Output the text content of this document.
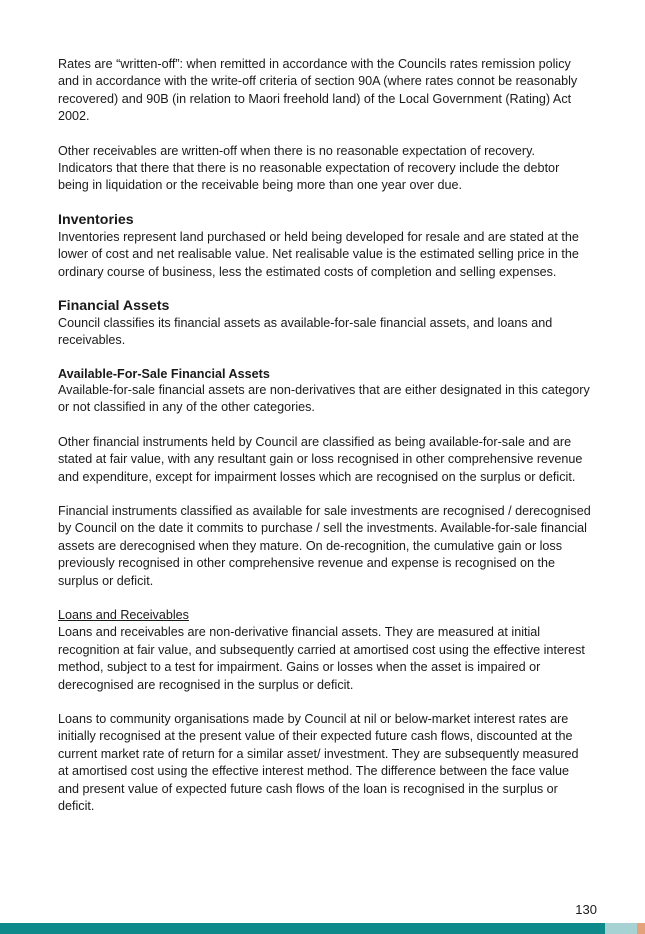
Rates are “written-off”: when remitted in accordance with the Councils rates remission policy and in accordance with the write-off criteria of section 90A (where rates connot be reasonably recovered) and 90B (in relation to Maori freehold land) of the Local Government (Rating) Act 2002.

Other receivables are written-off when there is no reasonable expectation of recovery. Indicators that there that there is no reasonable expectation of recovery include the debtor being in liquidation or the receivable being more than one year over due.

Inventories

Inventories represent land purchased or held being developed for resale and are stated at the lower of cost and net realisable value. Net realisable value is the estimated selling price in the ordinary course of business, less the estimated costs of completion and selling expenses.

Financial Assets

Council classifies its financial assets as available-for-sale financial assets, and loans and receivables.

Available-For-Sale Financial Assets

Available-for-sale financial assets are non-derivatives that are either designated in this category or not classified in any of the other categories.

Other financial instruments held by Council are classified as being available-for-sale and are stated at fair value, with any resultant gain or loss recognised in other comprehensive revenue and expenditure, except for impairment losses which are recognised on the surplus or deficit.

Financial instruments classified as available for sale investments are recognised / derecognised by Council on the date it commits to purchase / sell the investments. Available-for-sale financial assets are derecognised when they mature. On de-recognition, the cumulative gain or loss previously recognised in other comprehensive revenue and expense is recognised on the surplus or deficit.

Loans and Receivables

Loans and receivables are non-derivative financial assets. They are measured at initial recognition at fair value, and subsequently carried at amortised cost using the effective interest method, subject to a test for impairment. Gains or losses when the asset is impaired or derecognised are recognised in the surplus or deficit.

Loans to community organisations made by Council at nil or below-market interest rates are initially recognised at the present value of their expected future cash flows, discounted at the current market rate of return for a similar asset/ investment. They are subsequently measured at amortised cost using the effective interest method. The difference between the face value and present value of expected future cash flows of the loan is recognised in the surplus or deficit.

130
